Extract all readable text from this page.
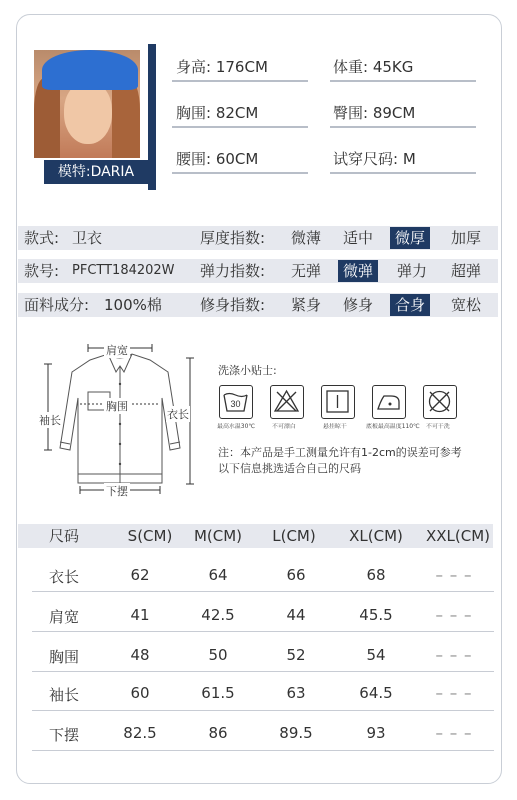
模特:DARIA
身高: 176CM	体重: 45KG
胸围: 82CM	臀围: 89CM
腰围: 60CM	试穿尺码: M
款式: 卫衣	厚度指数:	微薄	适中	微厚	加厚
款号: PFCTT184202W 弹力指数:	无弹	微弹	弹力	超弹
面料成分: 100%棉	修身指数:	紧身	修身	合身	宽松
肩宽
胸围
袖长	衣长
下摆
洗涤小贴士:
30
最高水温30℃ 不可漂白	悬挂晾干	底板最高温度110℃ 不可干洗
注：本产品是手工测量允许有1-2cm的误差可参考
以下信息挑选适合自己的尺码
尺码	S(CM)	M(CM)	L(CM)	XL(CM)	XXL(CM)
衣长	62	64	66	68	– – –
肩宽	41	42.5	44	45.5	– – –
胸围	48	50	52	54	– – –
袖长	60	61.5	63	64.5	– – –
下摆	82.5	86	89.5	93	– – –
